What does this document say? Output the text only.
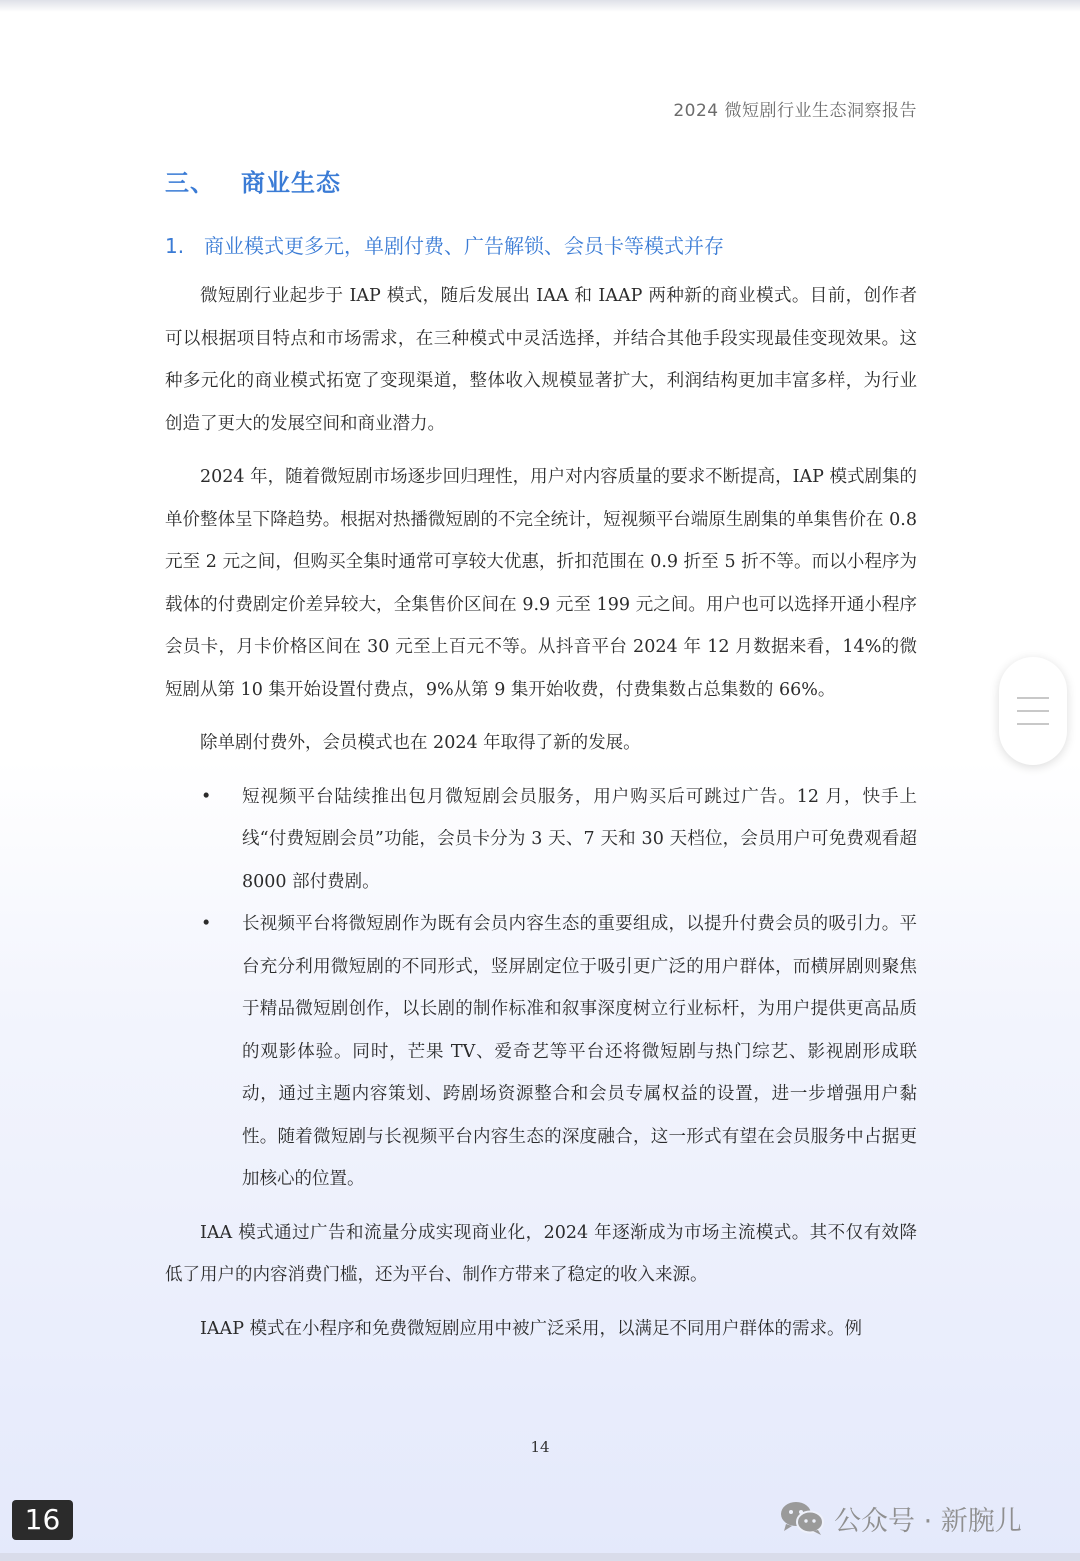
2024 微短剧行业生态洞察报告
三、 商业生态
1. 商业模式更多元，单剧付费、广告解锁、会员卡等模式并存

微短剧行业起步于 IAP 模式，随后发展出 IAA 和 IAAP 两种新的商业模式。目前，创作者可以根据项目特点和市场需求，在三种模式中灵活选择，并结合其他手段实现最佳变现效果。这种多元化的商业模式拓宽了变现渠道，整体收入规模显著扩大，利润结构更加丰富多样，为行业创造了更大的发展空间和商业潜力。

2024 年，随着微短剧市场逐步回归理性，用户对内容质量的要求不断提高，IAP 模式剧集的单价整体呈下降趋势。根据对热播微短剧的不完全统计，短视频平台端原生剧集的单集售价在 0.8 元至 2 元之间，但购买全集时通常可享较大优惠，折扣范围在 0.9 折至 5 折不等。而以小程序为载体的付费剧定价差异较大，全集售价区间在 9.9 元至 199 元之间。用户也可以选择开通小程序会员卡，月卡价格区间在 30 元至上百元不等。从抖音平台 2024 年 12 月数据来看，14%的微短剧从第 10 集开始设置付费点，9%从第 9 集开始收费，付费集数占总集数的 66%。

除单剧付费外，会员模式也在 2024 年取得了新的发展。

• 短视频平台陆续推出包月微短剧会员服务，用户购买后可跳过广告。12 月，快手上线“付费短剧会员”功能，会员卡分为 3 天、7 天和 30 天档位，会员用户可免费观看超 8000 部付费剧。
• 长视频平台将微短剧作为既有会员内容生态的重要组成，以提升付费会员的吸引力。平台充分利用微短剧的不同形式，竖屏剧定位于吸引更广泛的用户群体，而横屏剧则聚焦于精品微短剧创作，以长剧的制作标准和叙事深度树立行业标杆，为用户提供更高品质的观影体验。同时，芒果 TV、爱奇艺等平台还将微短剧与热门综艺、影视剧形成联动，通过主题内容策划、跨剧场资源整合和会员专属权益的设置，进一步增强用户黏性。随着微短剧与长视频平台内容生态的深度融合，这一形式有望在会员服务中占据更加核心的位置。

IAA 模式通过广告和流量分成实现商业化，2024 年逐渐成为市场主流模式。其不仅有效降低了用户的内容消费门槛，还为平台、制作方带来了稳定的收入来源。

IAAP 模式在小程序和免费微短剧应用中被广泛采用，以满足不同用户群体的需求。例

14
16	公众号 · 新腕儿
